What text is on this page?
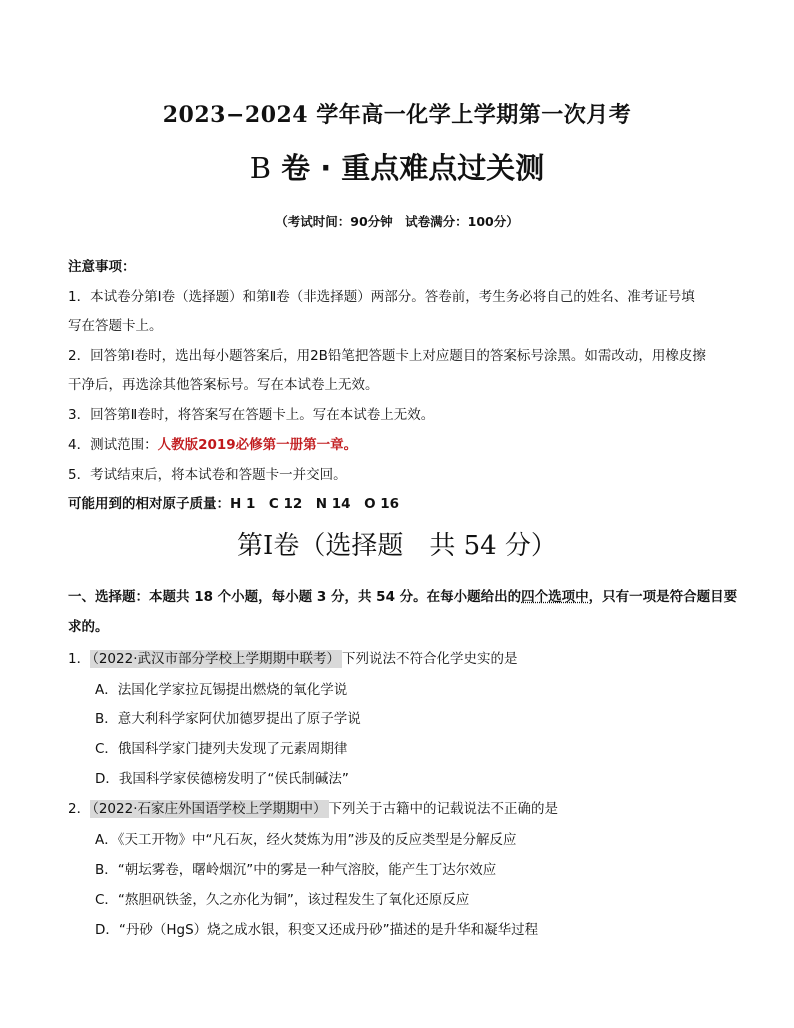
2023−2024 学年高一化学上学期第一次月考
B 卷 · 重点难点过关测
（考试时间：90分钟　试卷满分：100分）
注意事项：
1．本试卷分第Ⅰ卷（选择题）和第Ⅱ卷（非选择题）两部分。答卷前，考生务必将自己的姓名、准考证号填
写在答题卡上。
2．回答第Ⅰ卷时，选出每小题答案后，用2B铅笔把答题卡上对应题目的答案标号涂黑。如需改动，用橡皮擦
干净后，再选涂其他答案标号。写在本试卷上无效。
3．回答第Ⅱ卷时，将答案写在答题卡上。写在本试卷上无效。
4．测试范围：人教版2019必修第一册第一章。
5．考试结束后，将本试卷和答题卡一并交回。
可能用到的相对原子质量：H 1　C 12　N 14　O 16
第Ⅰ卷（选择题　共 54 分）
一、选择题：本题共 18 个小题，每小题 3 分，共 54 分。在每小题给出的四个选项中，只有一项是符合题目要
求的。
1． （2022·武汉市部分学校上学期期中联考） 下列说法不符合化学史实的是
A．法国化学家拉瓦锡提出燃烧的氧化学说
B．意大利科学家阿伏加德罗提出了原子学说
C．俄国科学家门捷列夫发现了元素周期律
D．我国科学家侯德榜发明了“侯氏制碱法”
2． （2022·石家庄外国语学校上学期期中） 下列关于古籍中的记载说法不正确的是
A．《天工开物》中“凡石灰，经火焚炼为用”涉及的反应类型是分解反应
B．“朝坛雾卷，曙岭烟沉”中的雾是一种气溶胶，能产生丁达尔效应
C．“熬胆矾铁釜，久之亦化为铜”，该过程发生了氧化还原反应
D．“丹砂（HgS）烧之成水银，积变又还成丹砂”描述的是升华和凝华过程
